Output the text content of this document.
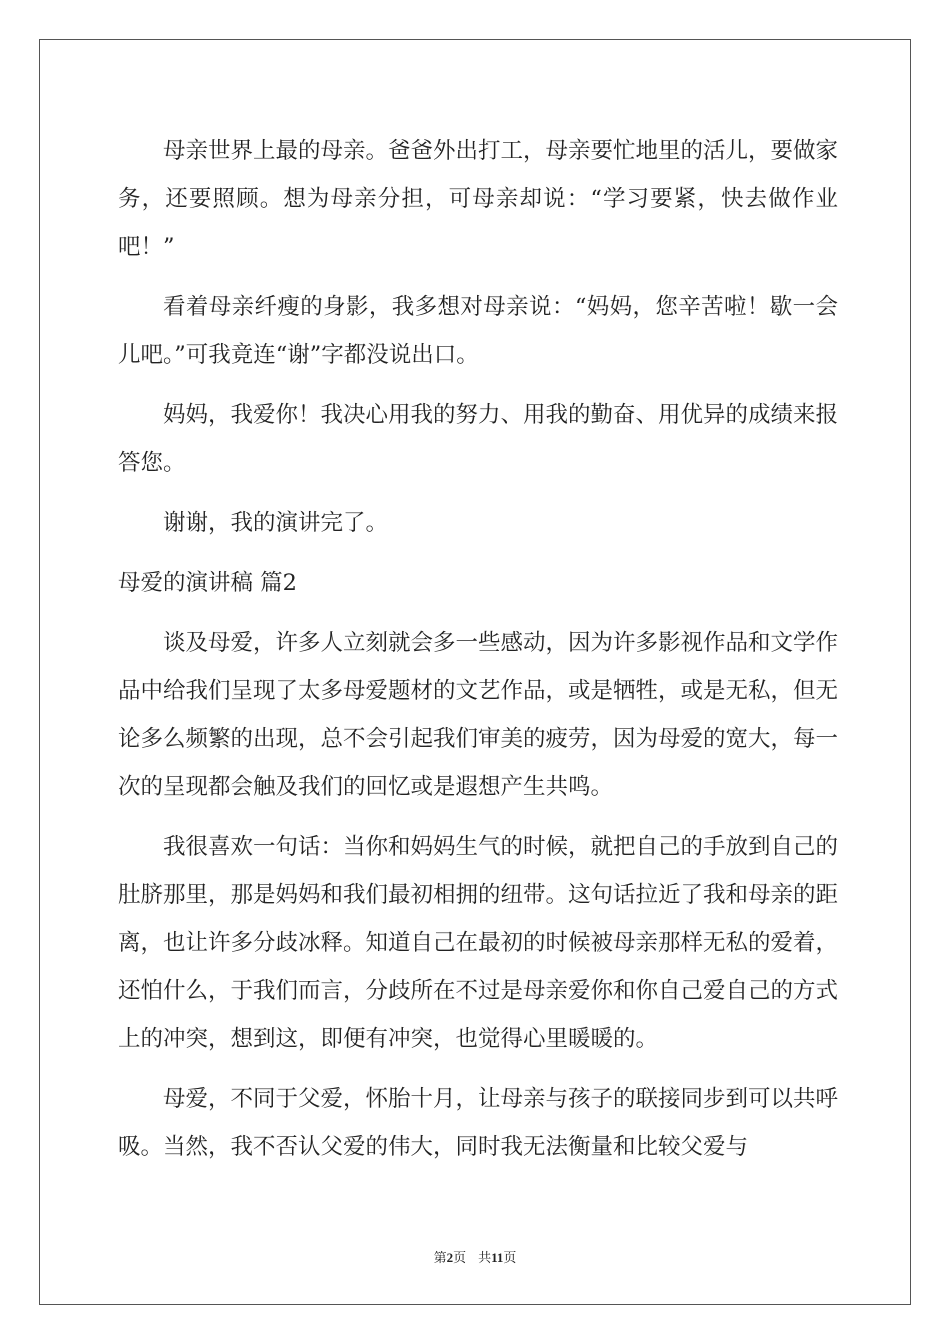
母亲世界上最的母亲。爸爸外出打工，母亲要忙地里的活儿，要做家务，还要照顾。想为母亲分担，可母亲却说：“学习要紧，快去做作业吧！”

看着母亲纤瘦的身影，我多想对母亲说：“妈妈，您辛苦啦！歇一会儿吧。”可我竟连“谢”字都没说出口。

妈妈，我爱你！我决心用我的努力、用我的勤奋、用优异的成绩来报答您。

谢谢，我的演讲完了。

母爱的演讲稿 篇2

谈及母爱，许多人立刻就会多一些感动，因为许多影视作品和文学作品中给我们呈现了太多母爱题材的文艺作品，或是牺牲，或是无私，但无论多么频繁的出现，总不会引起我们审美的疲劳，因为母爱的宽大，每一次的呈现都会触及我们的回忆或是遐想产生共鸣。

我很喜欢一句话：当你和妈妈生气的时候，就把自己的手放到自己的肚脐那里，那是妈妈和我们最初相拥的纽带。这句话拉近了我和母亲的距离，也让许多分歧冰释。知道自己在最初的时候被母亲那样无私的爱着，还怕什么，于我们而言，分歧所在不过是母亲爱你和你自己爱自己的方式上的冲突，想到这，即便有冲突，也觉得心里暖暖的。

母爱，不同于父爱，怀胎十月，让母亲与孩子的联接同步到可以共呼吸。当然，我不否认父爱的伟大，同时我无法衡量和比较父爱与

第2页 共11页
